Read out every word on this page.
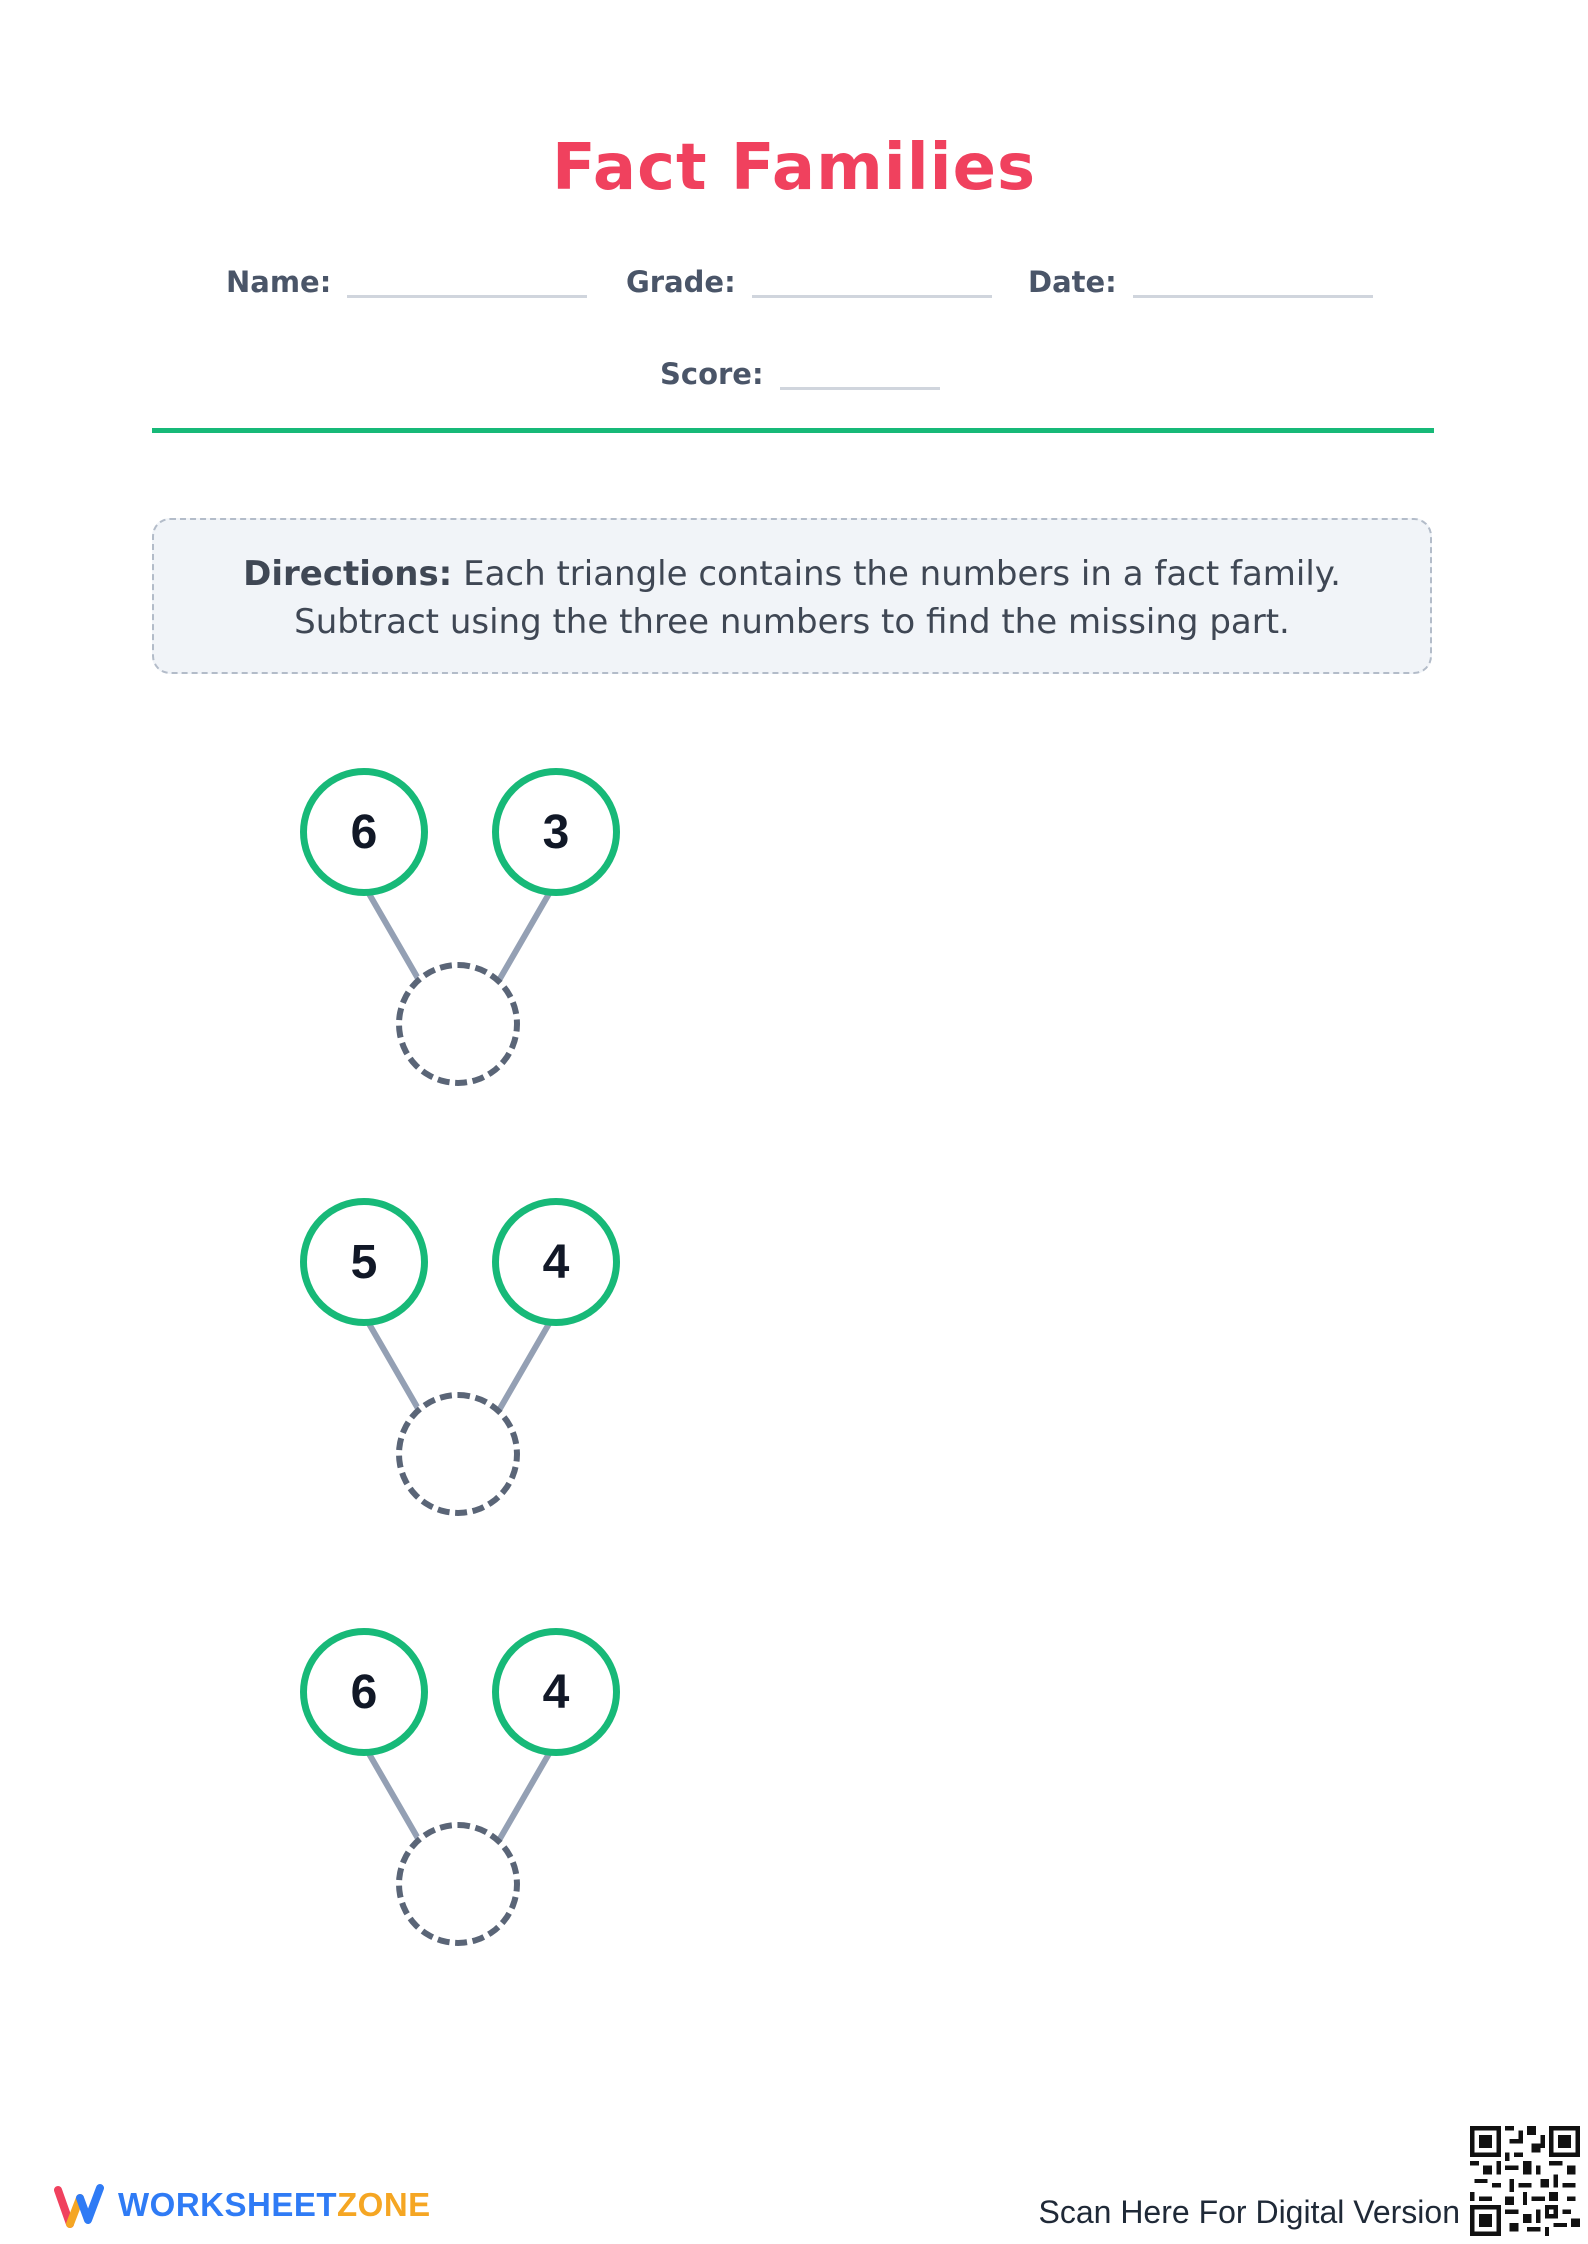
Fact Families
Name:	Grade:	Date:
Score:
Directions: Each triangle contains the numbers in a fact family. Subtract using the three numbers to find the missing part.
6	3
5	4
6	4
WORKSHEETZONE	Scan Here For Digital Version
